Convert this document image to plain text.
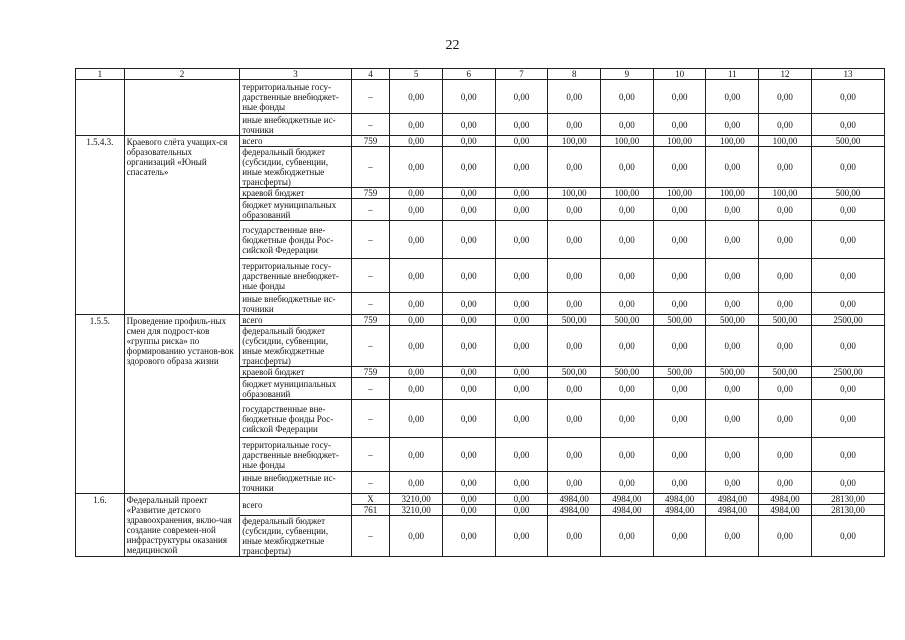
22
1	2	3	4	5	6	7	8	9	10	11	12	13
		территориальные госу-дарственные внебюджет-ные фонды	–	0,00	0,00	0,00	0,00	0,00	0,00	0,00	0,00	0,00
		иные внебюджетные ис-точники	–	0,00	0,00	0,00	0,00	0,00	0,00	0,00	0,00	0,00
1.5.4.3.	Краевого слёта учащих-ся образовательных организаций «Юный спасатель»	всего	759	0,00	0,00	0,00	100,00	100,00	100,00	100,00	100,00	500,00
		федеральный бюджет (субсидии, субвенции, иные межбюджетные трансферты)	–	0,00	0,00	0,00	0,00	0,00	0,00	0,00	0,00	0,00
		краевой бюджет	759	0,00	0,00	0,00	100,00	100,00	100,00	100,00	100,00	500,00
		бюджет муниципальных образований	–	0,00	0,00	0,00	0,00	0,00	0,00	0,00	0,00	0,00
		государственные вне-бюджетные фонды Рос-сийской Федерации	–	0,00	0,00	0,00	0,00	0,00	0,00	0,00	0,00	0,00
		территориальные госу-дарственные внебюджет-ные фонды	–	0,00	0,00	0,00	0,00	0,00	0,00	0,00	0,00	0,00
		иные внебюджетные ис-точники	–	0,00	0,00	0,00	0,00	0,00	0,00	0,00	0,00	0,00
1.5.5.	Проведение профиль-ных смен для подрост-ков «группы риска» по формированию установ-вок здорового образа жизни	всего	759	0,00	0,00	0,00	500,00	500,00	500,00	500,00	500,00	2500,00
		федеральный бюджет (субсидии, субвенции, иные межбюджетные трансферты)	–	0,00	0,00	0,00	0,00	0,00	0,00	0,00	0,00	0,00
		краевой бюджет	759	0,00	0,00	0,00	500,00	500,00	500,00	500,00	500,00	2500,00
		бюджет муниципальных образований	–	0,00	0,00	0,00	0,00	0,00	0,00	0,00	0,00	0,00
		государственные вне-бюджетные фонды Рос-сийской Федерации	–	0,00	0,00	0,00	0,00	0,00	0,00	0,00	0,00	0,00
		территориальные госу-дарственные внебюджет-ные фонды	–	0,00	0,00	0,00	0,00	0,00	0,00	0,00	0,00	0,00
		иные внебюджетные ис-точники	–	0,00	0,00	0,00	0,00	0,00	0,00	0,00	0,00	0,00
1.6.	Федеральный проект «Развитие детского здравоохранения, вклю-чая создание современ-ной инфраструктуры оказания медицинской	всего	Х	3210,00	0,00	0,00	4984,00	4984,00	4984,00	4984,00	4984,00	28130,00
			761	3210,00	0,00	0,00	4984,00	4984,00	4984,00	4984,00	4984,00	28130,00
		федеральный бюджет (субсидии, субвенции, иные межбюджетные трансферты)	–	0,00	0,00	0,00	0,00	0,00	0,00	0,00	0,00	0,00
